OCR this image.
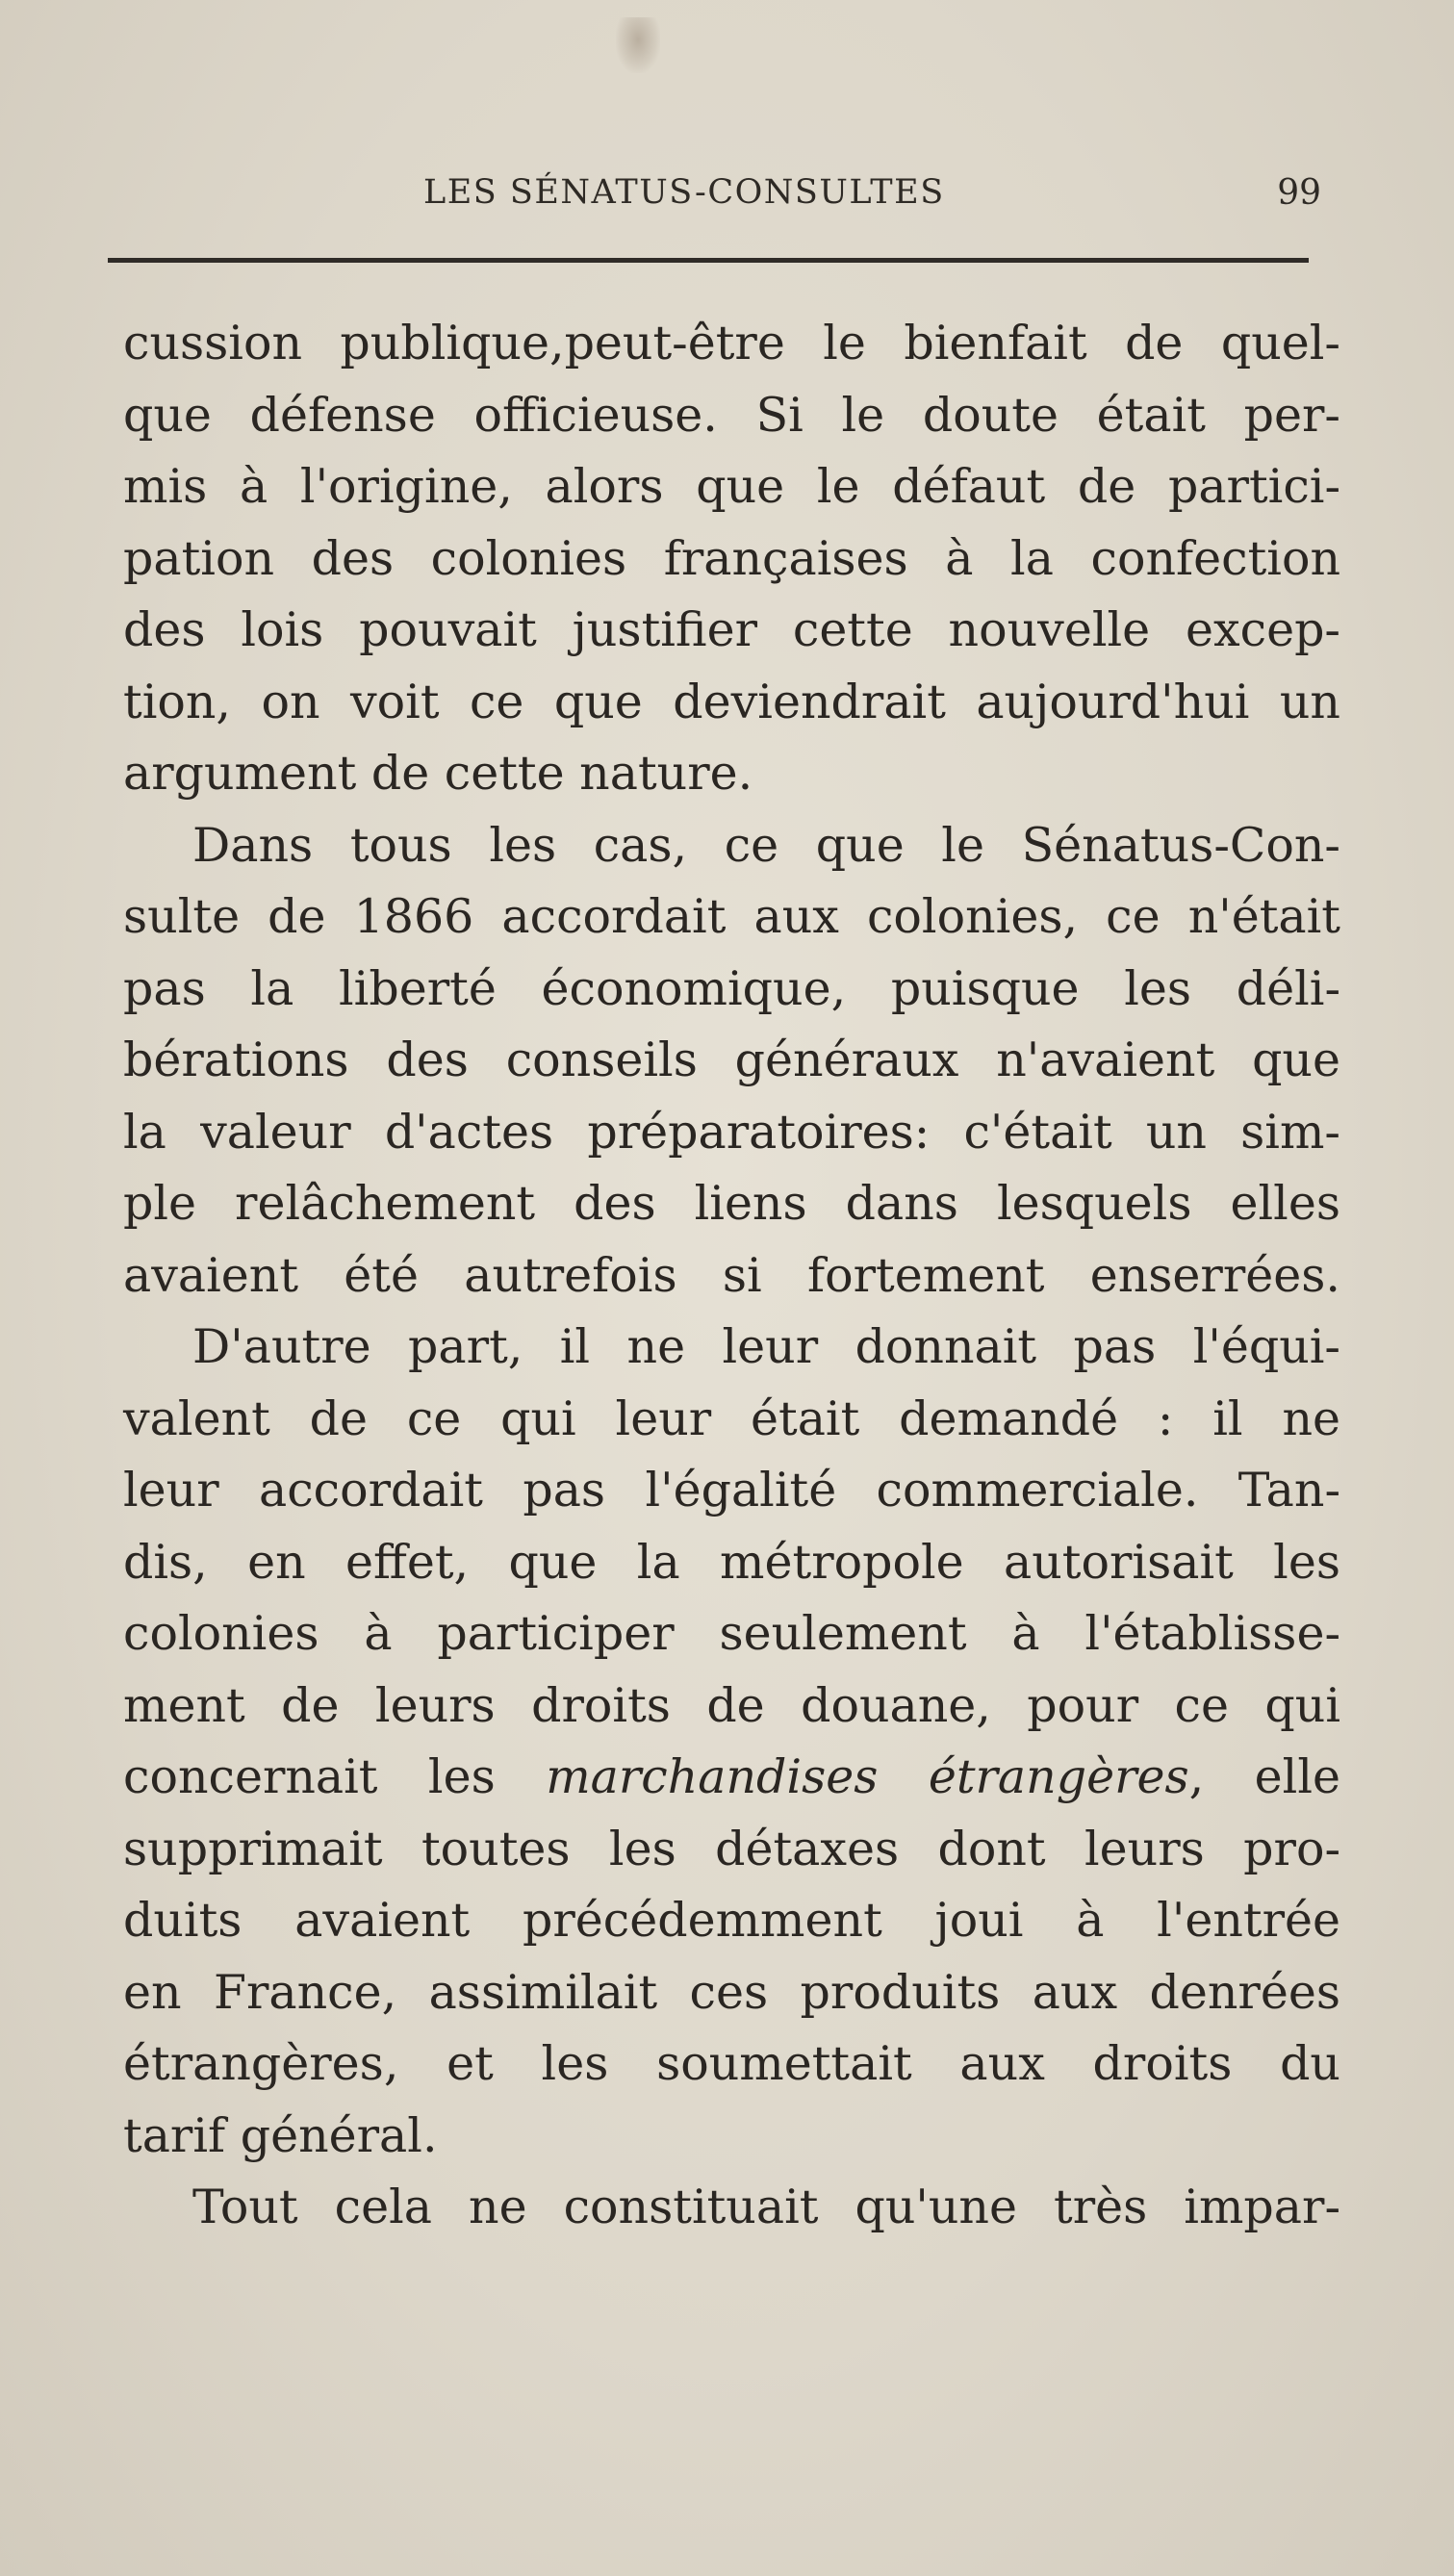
LES SÉNATUS-CONSULTES	99
cussion publique,peut-être le bienfait de quel-
que défense officieuse. Si le doute était per-
mis à l'origine, alors que le défaut de partici-
pation des colonies françaises à la confection
des lois pouvait justifier cette nouvelle excep-
tion, on voit ce que deviendrait aujourd'hui un
argument de cette nature.
Dans tous les cas, ce que le Sénatus-Con-
sulte de 1866 accordait aux colonies, ce n'était
pas la liberté économique, puisque les déli-
bérations des conseils généraux n'avaient que
la valeur d'actes préparatoires: c'était un sim-
ple relâchement des liens dans lesquels elles
avaient été autrefois si fortement enserrées.
D'autre part, il ne leur donnait pas l'équi-
valent de ce qui leur était demandé : il ne
leur accordait pas l'égalité commerciale. Tan-
dis, en effet, que la métropole autorisait les
colonies à participer seulement à l'établisse-
ment de leurs droits de douane, pour ce qui
concernait les marchandises étrangères, elle
supprimait toutes les détaxes dont leurs pro-
duits avaient précédemment joui à l'entrée
en France, assimilait ces produits aux denrées
étrangères, et les soumettait aux droits du
tarif général.
Tout cela ne constituait qu'une très impar-
